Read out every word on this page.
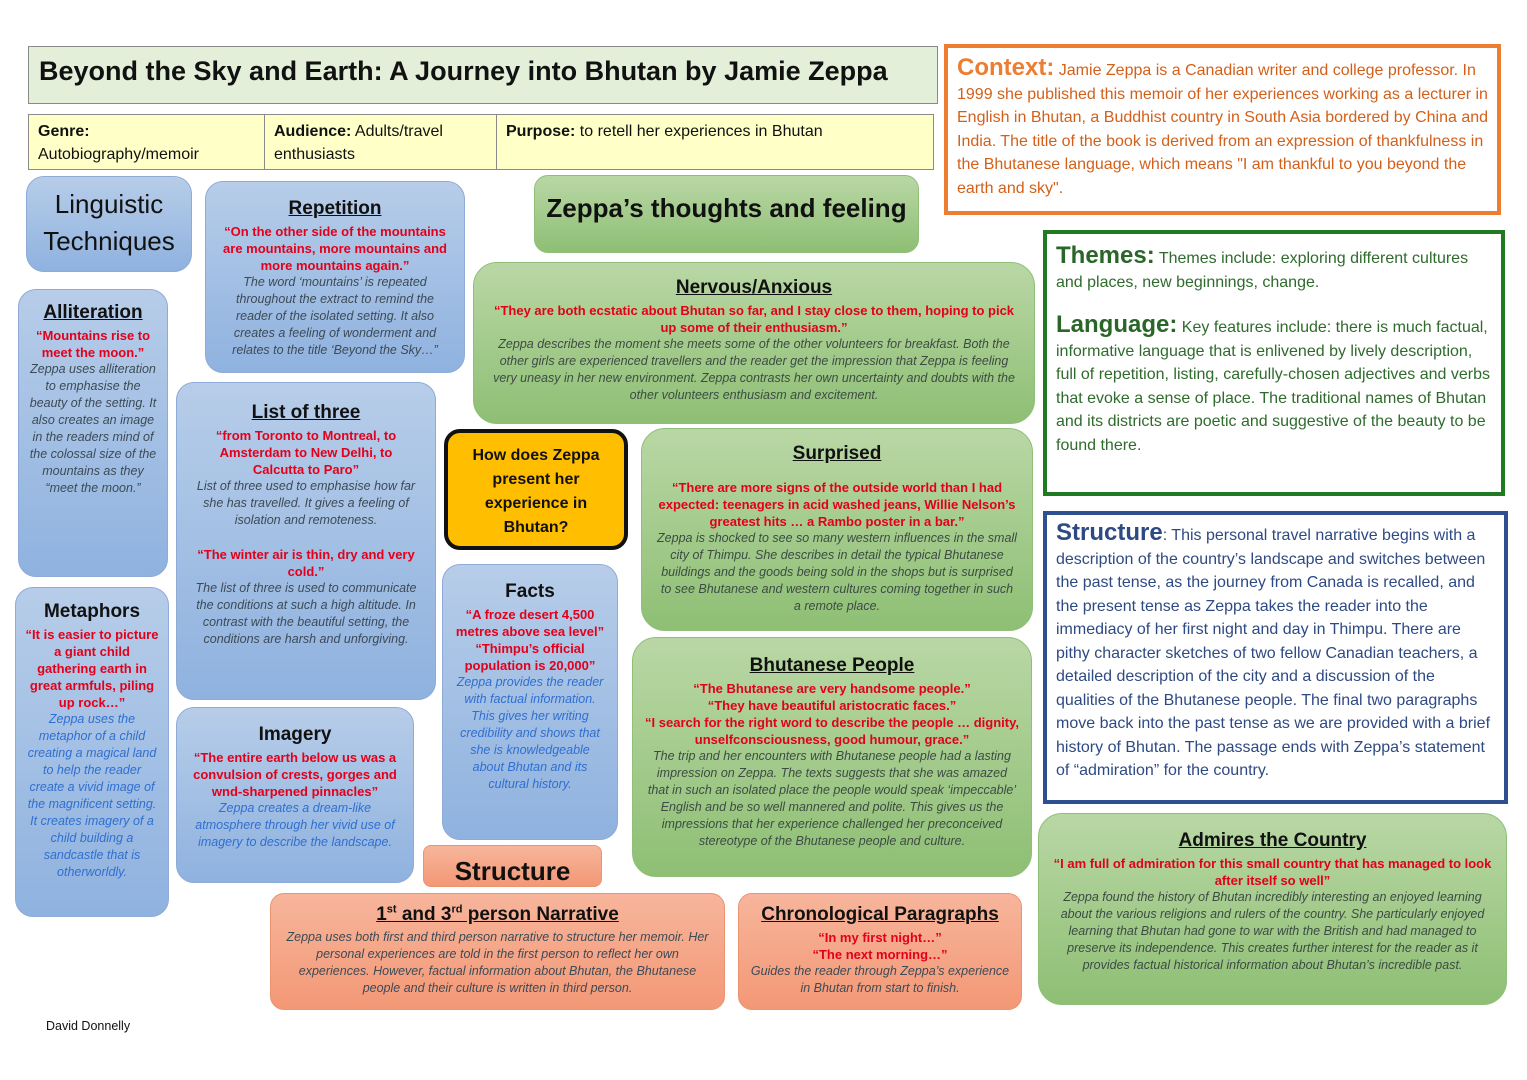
Beyond the Sky and Earth: A Journey into Bhutan by Jamie Zeppa
Genre:
Autobiography/memoir
Audience: Adults/travel enthusiasts
Purpose: to retell her experiences in Bhutan
Context: Jamie Zeppa is a Canadian writer and college professor. In 1999 she published this memoir of her experiences working as a lecturer in English in Bhutan, a Buddhist country in South Asia bordered by China and India. The title of the book is derived from an expression of thankfulness in the Bhutanese language, which means "I am thankful to you beyond the earth and sky".
Themes: Themes include: exploring different cultures and places, new beginnings, change.
Language: Key features include: there is much factual, informative language that is enlivened by lively description, full of repetition, listing, carefully-chosen adjectives and verbs that evoke a sense of place. The traditional names of Bhutan and its districts are poetic and suggestive of the beauty to be found there.
Structure: This personal travel narrative begins with a description of the country’s landscape and switches between the past tense, as the journey from Canada is recalled, and the present tense as Zeppa takes the reader into the immediacy of her first night and day in Thimpu. There are pithy character sketches of two fellow Canadian teachers, a detailed description of the city and a discussion of the qualities of the Bhutanese people. The final two paragraphs move back into the past tense as we are provided with a brief history of Bhutan. The passage ends with Zeppa’s statement of “admiration” for the country.
Linguistic Techniques
Repetition
“On the other side of the mountains are mountains, more mountains and more mountains again.”
The word ‘mountains’ is repeated throughout the extract to remind the reader of the isolated setting. It also creates a feeling of wonderment and relates to the title ‘Beyond the Sky…”
Zeppa’s thoughts and feeling
Alliteration
“Mountains rise to meet the moon.”
Zeppa uses alliteration to emphasise the beauty of the setting. It also creates an image in the readers mind of the colossal size of the mountains as they “meet the moon.”
List of three
“from Toronto to Montreal, to Amsterdam to New Delhi, to Calcutta to Paro”
List of three used to emphasise how far she has travelled. It gives a feeling of isolation and remoteness.
“The winter air is thin, dry and very cold.”
The list of three is used to communicate the conditions at such a high altitude. In contrast with the beautiful setting, the conditions are harsh and unforgiving.
Nervous/Anxious
“They are both ecstatic about Bhutan so far, and I stay close to them, hoping to pick up some of their enthusiasm.”
Zeppa describes the moment she meets some of the other volunteers for breakfast. Both the other girls are experienced travellers and the reader get the impression that Zeppa is feeling very uneasy in her new environment. Zeppa contrasts her own uncertainty and doubts with the other volunteers enthusiasm and excitement.
How does Zeppa present her experience in Bhutan?
Surprised
“There are more signs of the outside world than I had expected: teenagers in acid washed jeans, Willie Nelson’s greatest hits … a Rambo poster in a bar.”
Zeppa is shocked to see so many western influences in the small city of Thimpu. She describes in detail the typical Bhutanese buildings and the goods being sold in the shops but is surprised to see Bhutanese and western cultures coming together in such a remote place.
Metaphors
“It is easier to picture a giant child gathering earth in great armfuls, piling up rock…”
Zeppa uses the metaphor of a child creating a magical land to help the reader create a vivid image of the magnificent setting. It creates imagery of a child building a sandcastle that is otherworldly.
Facts
“A froze desert 4,500 metres above sea level” “Thimpu’s official population is 20,000”
Zeppa provides the reader with factual information. This gives her writing credibility and shows that she is knowledgeable about Bhutan and its cultural history.
Bhutanese People
“The Bhutanese are very handsome people.”
“They have beautiful aristocratic faces.”
“I search for the right word to describe the people … dignity, unselfconsciousness, good humour, grace.”
The trip and her encounters with Bhutanese people had a lasting impression on Zeppa. The texts suggests that she was amazed that in such an isolated place the people would speak ‘impeccable’ English and be so well mannered and polite. This gives us the impressions that her experience challenged her preconceived stereotype of the Bhutanese people and culture.
Imagery
“The entire earth below us was a convulsion of crests, gorges and wnd-sharpened pinnacles”
Zeppa creates a dream-like atmosphere through her vivid use of imagery to describe the landscape.
Structure
Admires the Country
“I am full of admiration for this small country that has managed to look after itself so well”
Zeppa found the history of Bhutan incredibly interesting an enjoyed learning about the various religions and rulers of the country. She particularly enjoyed learning that Bhutan had gone to war with the British and had managed to preserve its independence. This creates further interest for the reader as it provides factual historical information about Bhutan’s incredible past.
1st and 3rd person Narrative
Zeppa uses both first and third person narrative to structure her memoir. Her personal experiences are told in the first person to reflect her own experiences. However, factual information about Bhutan, the Bhutanese people and their culture is written in third person.
Chronological Paragraphs
“In my first night…”
“The next morning…”
Guides the reader through Zeppa’s experience in Bhutan from start to finish.
David Donnelly
